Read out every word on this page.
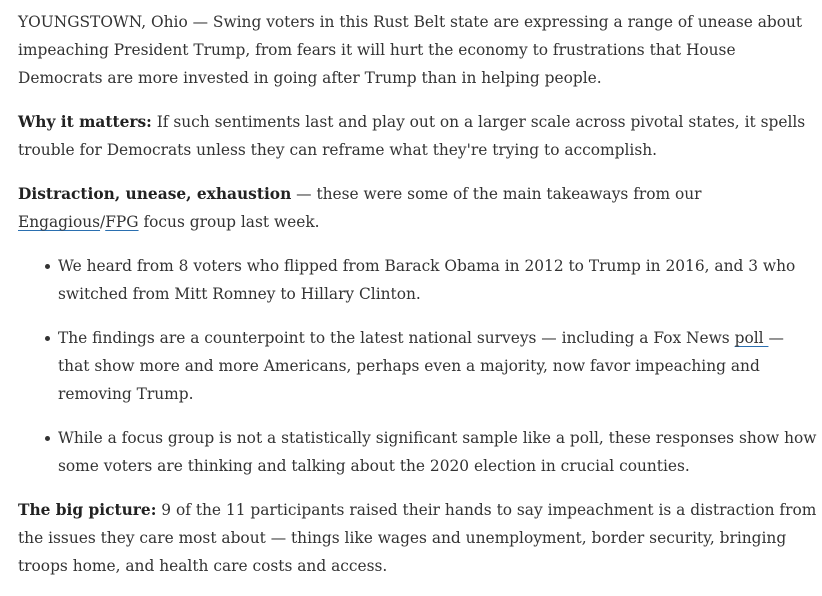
YOUNGSTOWN, Ohio — Swing voters in this Rust Belt state are expressing a range of unease about impeaching President Trump, from fears it will hurt the economy to frustrations that House Democrats are more invested in going after Trump than in helping people.

Why it matters: If such sentiments last and play out on a larger scale across pivotal states, it spells trouble for Democrats unless they can reframe what they're trying to accomplish.

Distraction, unease, exhaustion — these were some of the main takeaways from our Engagious/FPG focus group last week.

We heard from 8 voters who flipped from Barack Obama in 2012 to Trump in 2016, and 3 who switched from Mitt Romney to Hillary Clinton.
The findings are a counterpoint to the latest national surveys — including a Fox News poll — that show more and more Americans, perhaps even a majority, now favor impeaching and removing Trump.
While a focus group is not a statistically significant sample like a poll, these responses show how some voters are thinking and talking about the 2020 election in crucial counties.

The big picture: 9 of the 11 participants raised their hands to say impeachment is a distraction from the issues they care most about — things like wages and unemployment, border security, bringing troops home, and health care costs and access.
